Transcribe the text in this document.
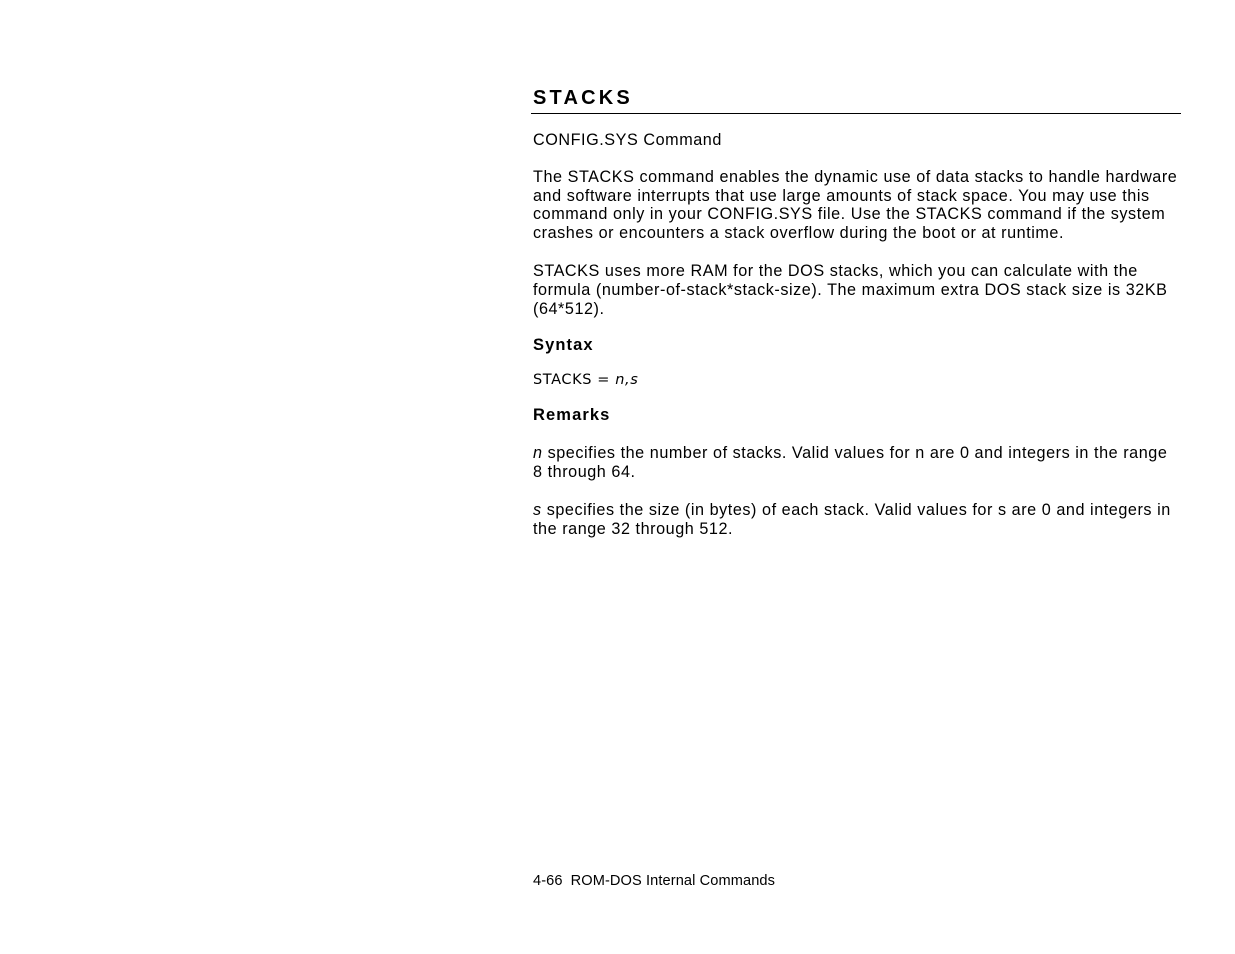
STACKS

CONFIG.SYS Command

The STACKS command enables the dynamic use of data stacks to handle hardware and software interrupts that use large amounts of stack space. You may use this command only in your CONFIG.SYS file. Use the STACKS command if the system crashes or encounters a stack overflow during the boot or at runtime.

STACKS uses more RAM for the DOS stacks, which you can calculate with the formula (number-of-stack*stack-size). The maximum extra DOS stack size is 32KB (64*512).

Syntax

STACKS = n,s

Remarks

n specifies the number of stacks. Valid values for n are 0 and integers in the range 8 through 64.

s specifies the size (in bytes) of each stack. Valid values for s are 0 and integers in the range 32 through 512.

4-66 ROM-DOS Internal Commands
